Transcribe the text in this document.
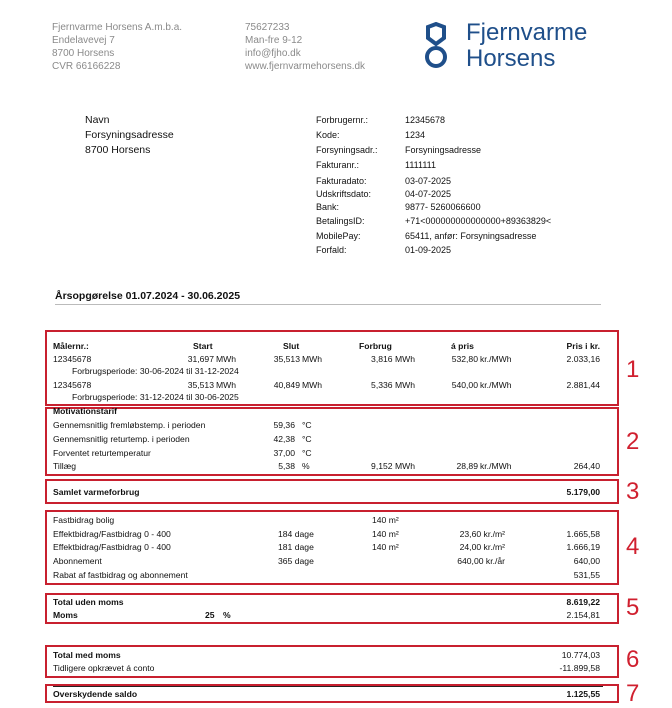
Fjernvarme Horsens A.m.b.a.
Endelavevej 7
8700 Horsens
CVR 66166228
75627233
Man-fre 9-12
info@fjho.dk
www.fjernvarmehorsens.dk
Fjernvarme
Horsens
Navn
Forsyningsadresse
8700 Horsens
Forbrugernr.:	12345678
Kode:	1234
Forsyningsadr.:	Forsyningsadresse
Fakturanr.:	1111111
Fakturadato:	03-07-2025
Udskriftsdato:	04-07-2025
Bank:	9877- 5260066600
BetalingsID:	+71<000000000000000+89363829<
MobilePay:	65411, anfør: Forsyningsadresse
Forfald:	01-09-2025
Årsopgørelse 01.07.2024 - 30.06.2025
1
2
3
4
5
6
7
Målernr.:	Start	Slut	Forbrug	á pris	Pris i kr.
12345678	31,697 MWh	35,513 MWh	3,816 MWh	532,80 kr./MWh	2.033,16
Forbrugsperiode: 30-06-2024 til 31-12-2024
12345678	35,513 MWh	40,849 MWh	5,336 MWh	540,00 kr./MWh	2.881,44
Forbrugsperiode: 31-12-2024 til 30-06-2025
Motivationstarif
Gennemsnitlig fremløbstemp. i perioden	59,36 °C
Gennemsnitlig returtemp. i perioden	42,38 °C
Forventet returtemperatur	37,00 °C
Tillæg	5,38 %	9,152 MWh	28,89 kr./MWh	264,40
Samlet varmeforbrug	5.179,00
Fastbidrag bolig	140 m²
Effektbidrag/Fastbidrag 0 - 400	184 dage	140 m²	23,60 kr./m²	1.665,58
Effektbidrag/Fastbidrag 0 - 400	181 dage	140 m²	24,00 kr./m²	1.666,19
Abonnement	365 dage	640,00 kr./år	640,00
Rabat af fastbidrag og abonnement	531,55
Total uden moms	8.619,22
Moms	25 %	2.154,81
Total med moms	10.774,03
Tidligere opkrævet á conto	-11.899,58
Overskydende saldo	1.125,55
